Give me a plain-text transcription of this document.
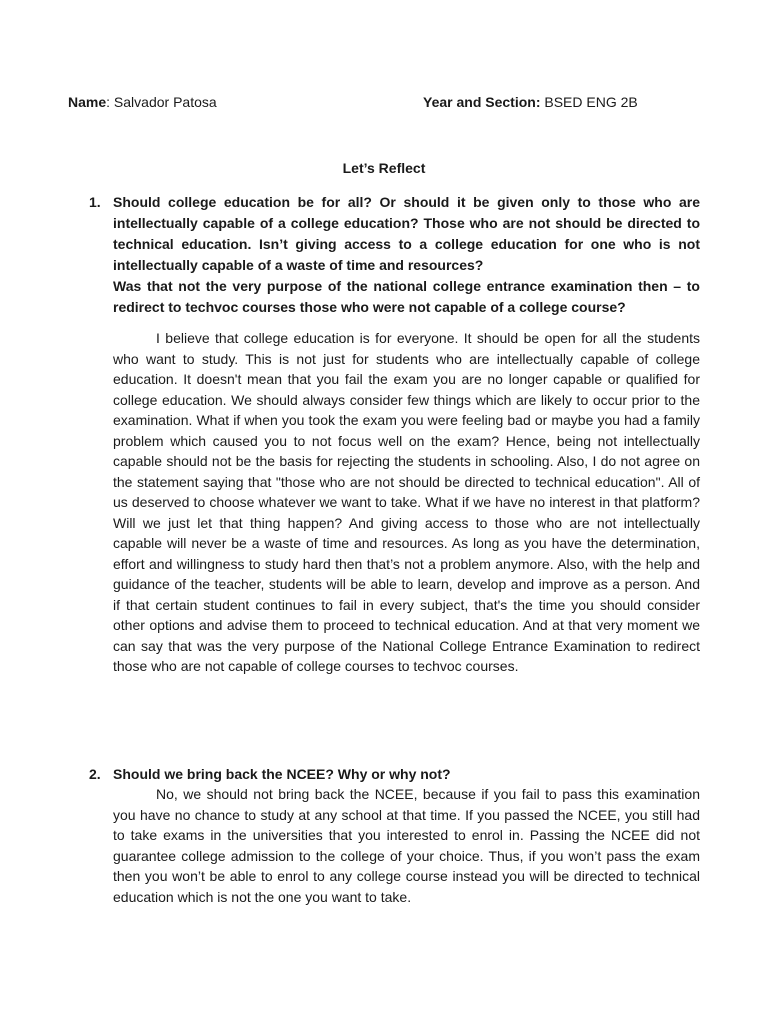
Name: Salvador Patosa	Year and Section: BSED ENG 2B
Let’s Reflect
1. Should college education be for all? Or should it be given only to those who are intellectually capable of a college education? Those who are not should be directed to technical education. Isn’t giving access to a college education for one who is not intellectually capable of a waste of time and resources?

Was that not the very purpose of the national college entrance examination then – to redirect to techvoc courses those who were not capable of a college course?

I believe that college education is for everyone. It should be open for all the students who want to study. This is not just for students who are intellectually capable of college education. It doesn't mean that you fail the exam you are no longer capable or qualified for college education. We should always consider few things which are likely to occur prior to the examination. What if when you took the exam you were feeling bad or maybe you had a family problem which caused you to not focus well on the exam? Hence, being not intellectually capable should not be the basis for rejecting the students in schooling. Also, I do not agree on the statement saying that "those who are not should be directed to technical education". All of us deserved to choose whatever we want to take. What if we have no interest in that platform? Will we just let that thing happen? And giving access to those who are not intellectually capable will never be a waste of time and resources. As long as you have the determination, effort and willingness to study hard then that’s not a problem anymore. Also, with the help and guidance of the teacher, students will be able to learn, develop and improve as a person. And if that certain student continues to fail in every subject, that's the time you should consider other options and advise them to proceed to technical education. And at that very moment we can say that was the very purpose of the National College Entrance Examination to redirect those who are not capable of college courses to techvoc courses.

2. Should we bring back the NCEE? Why or why not?

No, we should not bring back the NCEE, because if you fail to pass this examination you have no chance to study at any school at that time. If you passed the NCEE, you still had to take exams in the universities that you interested to enrol in. Passing the NCEE did not guarantee college admission to the college of your choice. Thus, if you won’t pass the exam then you won’t be able to enrol to any college course instead you will be directed to technical education which is not the one you want to take.
